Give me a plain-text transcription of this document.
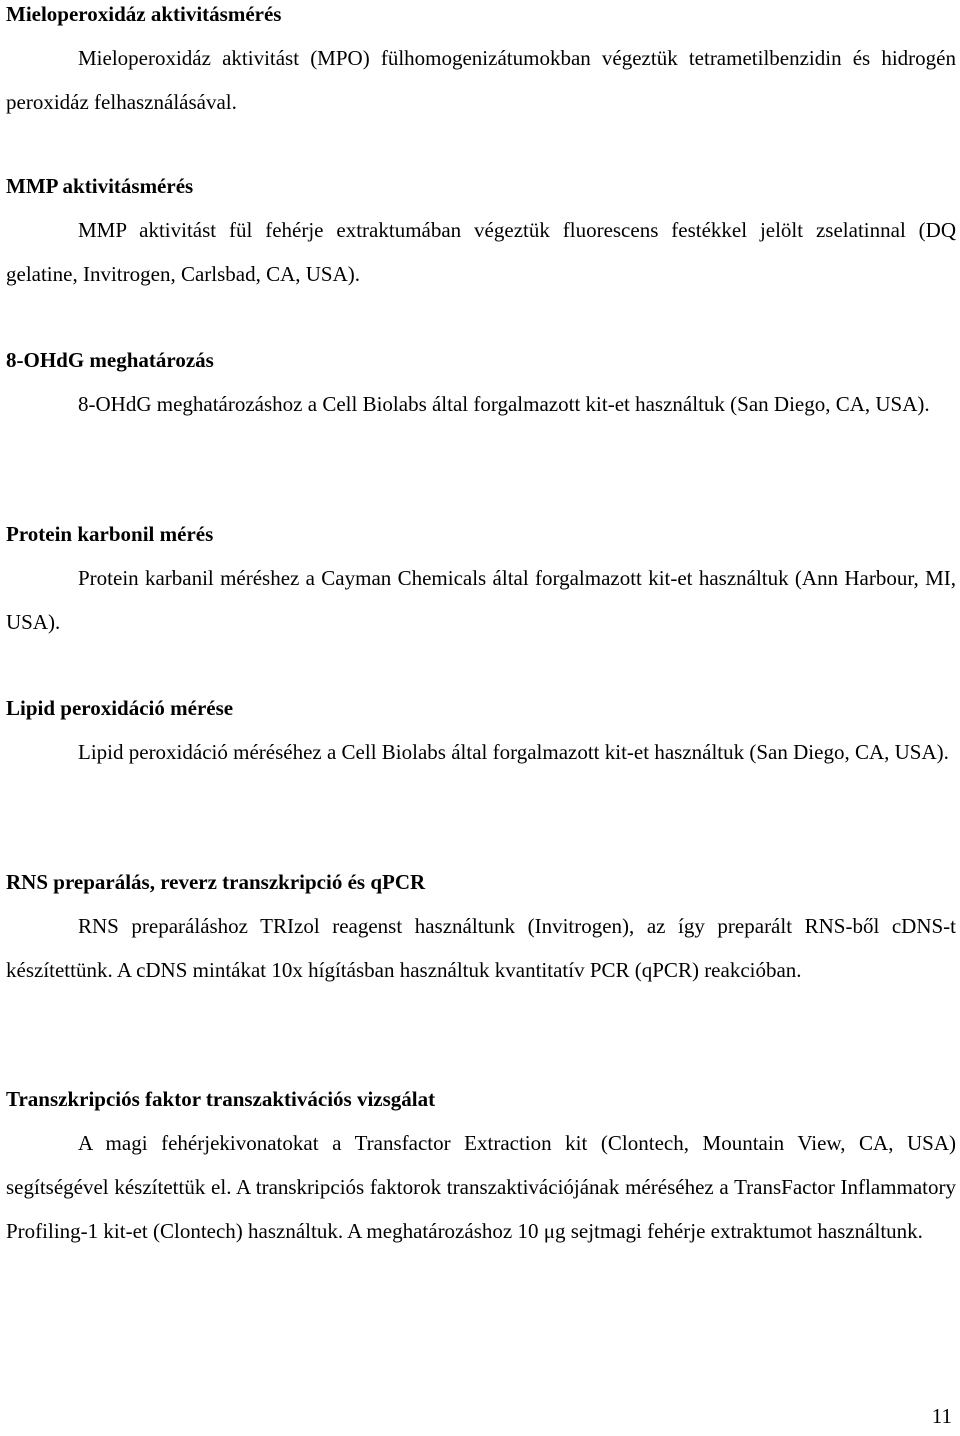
Mieloperoxidáz aktivitásmérés

Mieloperoxidáz aktivitást (MPO) fülhomogenizátumokban végeztük tetrametilbenzidin és hidrogén peroxidáz felhasználásával.

MMP aktivitásmérés

MMP aktivitást fül fehérje extraktumában végeztük fluorescens festékkel jelölt zselatinnal (DQ gelatine, Invitrogen, Carlsbad, CA, USA).

8-OHdG meghatározás

8-OHdG meghatározáshoz a Cell Biolabs által forgalmazott kit-et használtuk (San Diego, CA, USA).

Protein karbonil mérés

Protein karbanil méréshez a Cayman Chemicals által forgalmazott kit-et használtuk (Ann Harbour, MI, USA).

Lipid peroxidáció mérése

Lipid peroxidáció méréséhez a Cell Biolabs által forgalmazott kit-et használtuk (San Diego, CA, USA).

RNS preparálás, reverz transzkripció és qPCR

RNS preparáláshoz TRIzol reagenst használtunk (Invitrogen), az így preparált RNS-ből cDNS-t készítettünk. A cDNS mintákat 10x hígításban használtuk kvantitatív PCR (qPCR) reakcióban.

Transzkripciós faktor transzaktivációs vizsgálat

A magi fehérjekivonatokat a Transfactor Extraction kit (Clontech, Mountain View, CA, USA) segítségével készítettük el. A transkripciós faktorok transzaktivációjának méréséhez a TransFactor Inflammatory Profiling-1 kit-et (Clontech) használtuk. A meghatározáshoz 10 μg sejtmagi fehérje extraktumot használtunk.

11
